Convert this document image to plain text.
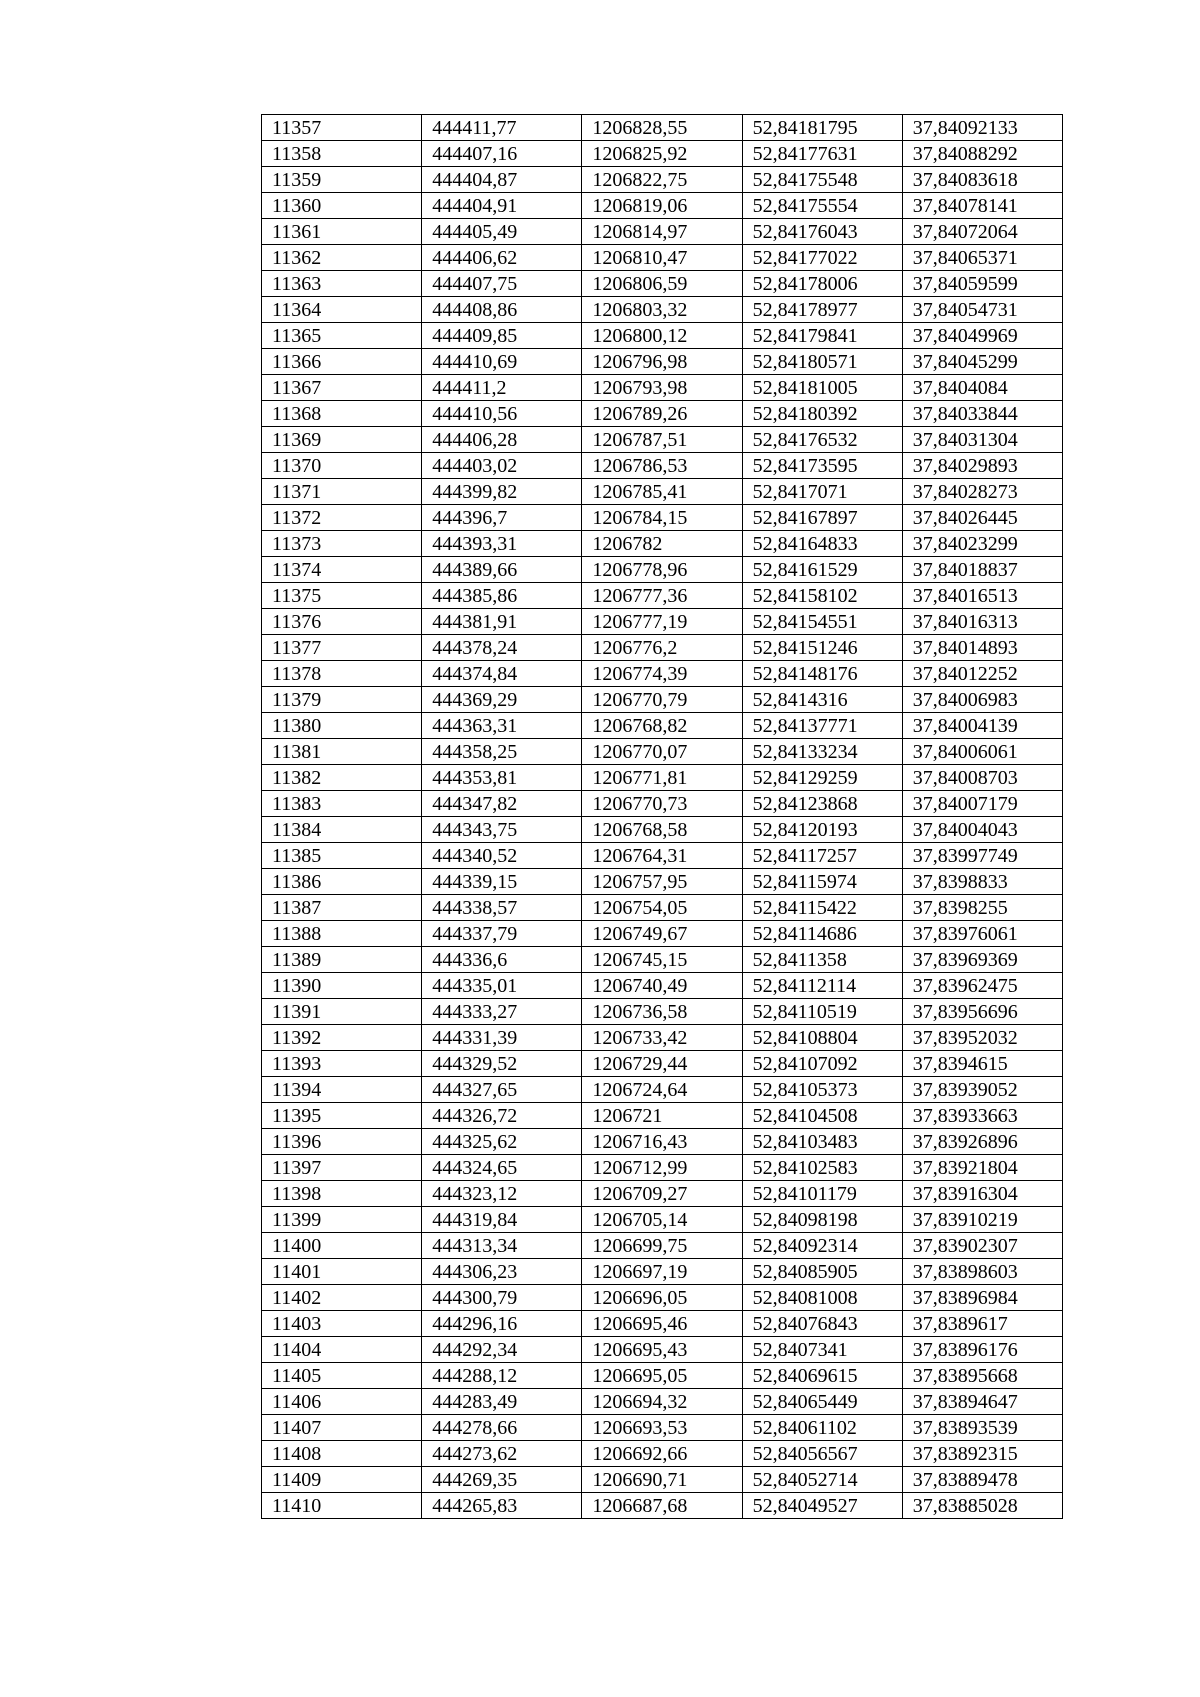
11357	444411,77	1206828,55	52,84181795	37,84092133
11358	444407,16	1206825,92	52,84177631	37,84088292
11359	444404,87	1206822,75	52,84175548	37,84083618
11360	444404,91	1206819,06	52,84175554	37,84078141
11361	444405,49	1206814,97	52,84176043	37,84072064
11362	444406,62	1206810,47	52,84177022	37,84065371
11363	444407,75	1206806,59	52,84178006	37,84059599
11364	444408,86	1206803,32	52,84178977	37,84054731
11365	444409,85	1206800,12	52,84179841	37,84049969
11366	444410,69	1206796,98	52,84180571	37,84045299
11367	444411,2	1206793,98	52,84181005	37,8404084
11368	444410,56	1206789,26	52,84180392	37,84033844
11369	444406,28	1206787,51	52,84176532	37,84031304
11370	444403,02	1206786,53	52,84173595	37,84029893
11371	444399,82	1206785,41	52,8417071	37,84028273
11372	444396,7	1206784,15	52,84167897	37,84026445
11373	444393,31	1206782	52,84164833	37,84023299
11374	444389,66	1206778,96	52,84161529	37,84018837
11375	444385,86	1206777,36	52,84158102	37,84016513
11376	444381,91	1206777,19	52,84154551	37,84016313
11377	444378,24	1206776,2	52,84151246	37,84014893
11378	444374,84	1206774,39	52,84148176	37,84012252
11379	444369,29	1206770,79	52,8414316	37,84006983
11380	444363,31	1206768,82	52,84137771	37,84004139
11381	444358,25	1206770,07	52,84133234	37,84006061
11382	444353,81	1206771,81	52,84129259	37,84008703
11383	444347,82	1206770,73	52,84123868	37,84007179
11384	444343,75	1206768,58	52,84120193	37,84004043
11385	444340,52	1206764,31	52,84117257	37,83997749
11386	444339,15	1206757,95	52,84115974	37,8398833
11387	444338,57	1206754,05	52,84115422	37,8398255
11388	444337,79	1206749,67	52,84114686	37,83976061
11389	444336,6	1206745,15	52,8411358	37,83969369
11390	444335,01	1206740,49	52,84112114	37,83962475
11391	444333,27	1206736,58	52,84110519	37,83956696
11392	444331,39	1206733,42	52,84108804	37,83952032
11393	444329,52	1206729,44	52,84107092	37,8394615
11394	444327,65	1206724,64	52,84105373	37,83939052
11395	444326,72	1206721	52,84104508	37,83933663
11396	444325,62	1206716,43	52,84103483	37,83926896
11397	444324,65	1206712,99	52,84102583	37,83921804
11398	444323,12	1206709,27	52,84101179	37,83916304
11399	444319,84	1206705,14	52,84098198	37,83910219
11400	444313,34	1206699,75	52,84092314	37,83902307
11401	444306,23	1206697,19	52,84085905	37,83898603
11402	444300,79	1206696,05	52,84081008	37,83896984
11403	444296,16	1206695,46	52,84076843	37,8389617
11404	444292,34	1206695,43	52,8407341	37,83896176
11405	444288,12	1206695,05	52,84069615	37,83895668
11406	444283,49	1206694,32	52,84065449	37,83894647
11407	444278,66	1206693,53	52,84061102	37,83893539
11408	444273,62	1206692,66	52,84056567	37,83892315
11409	444269,35	1206690,71	52,84052714	37,83889478
11410	444265,83	1206687,68	52,84049527	37,83885028
